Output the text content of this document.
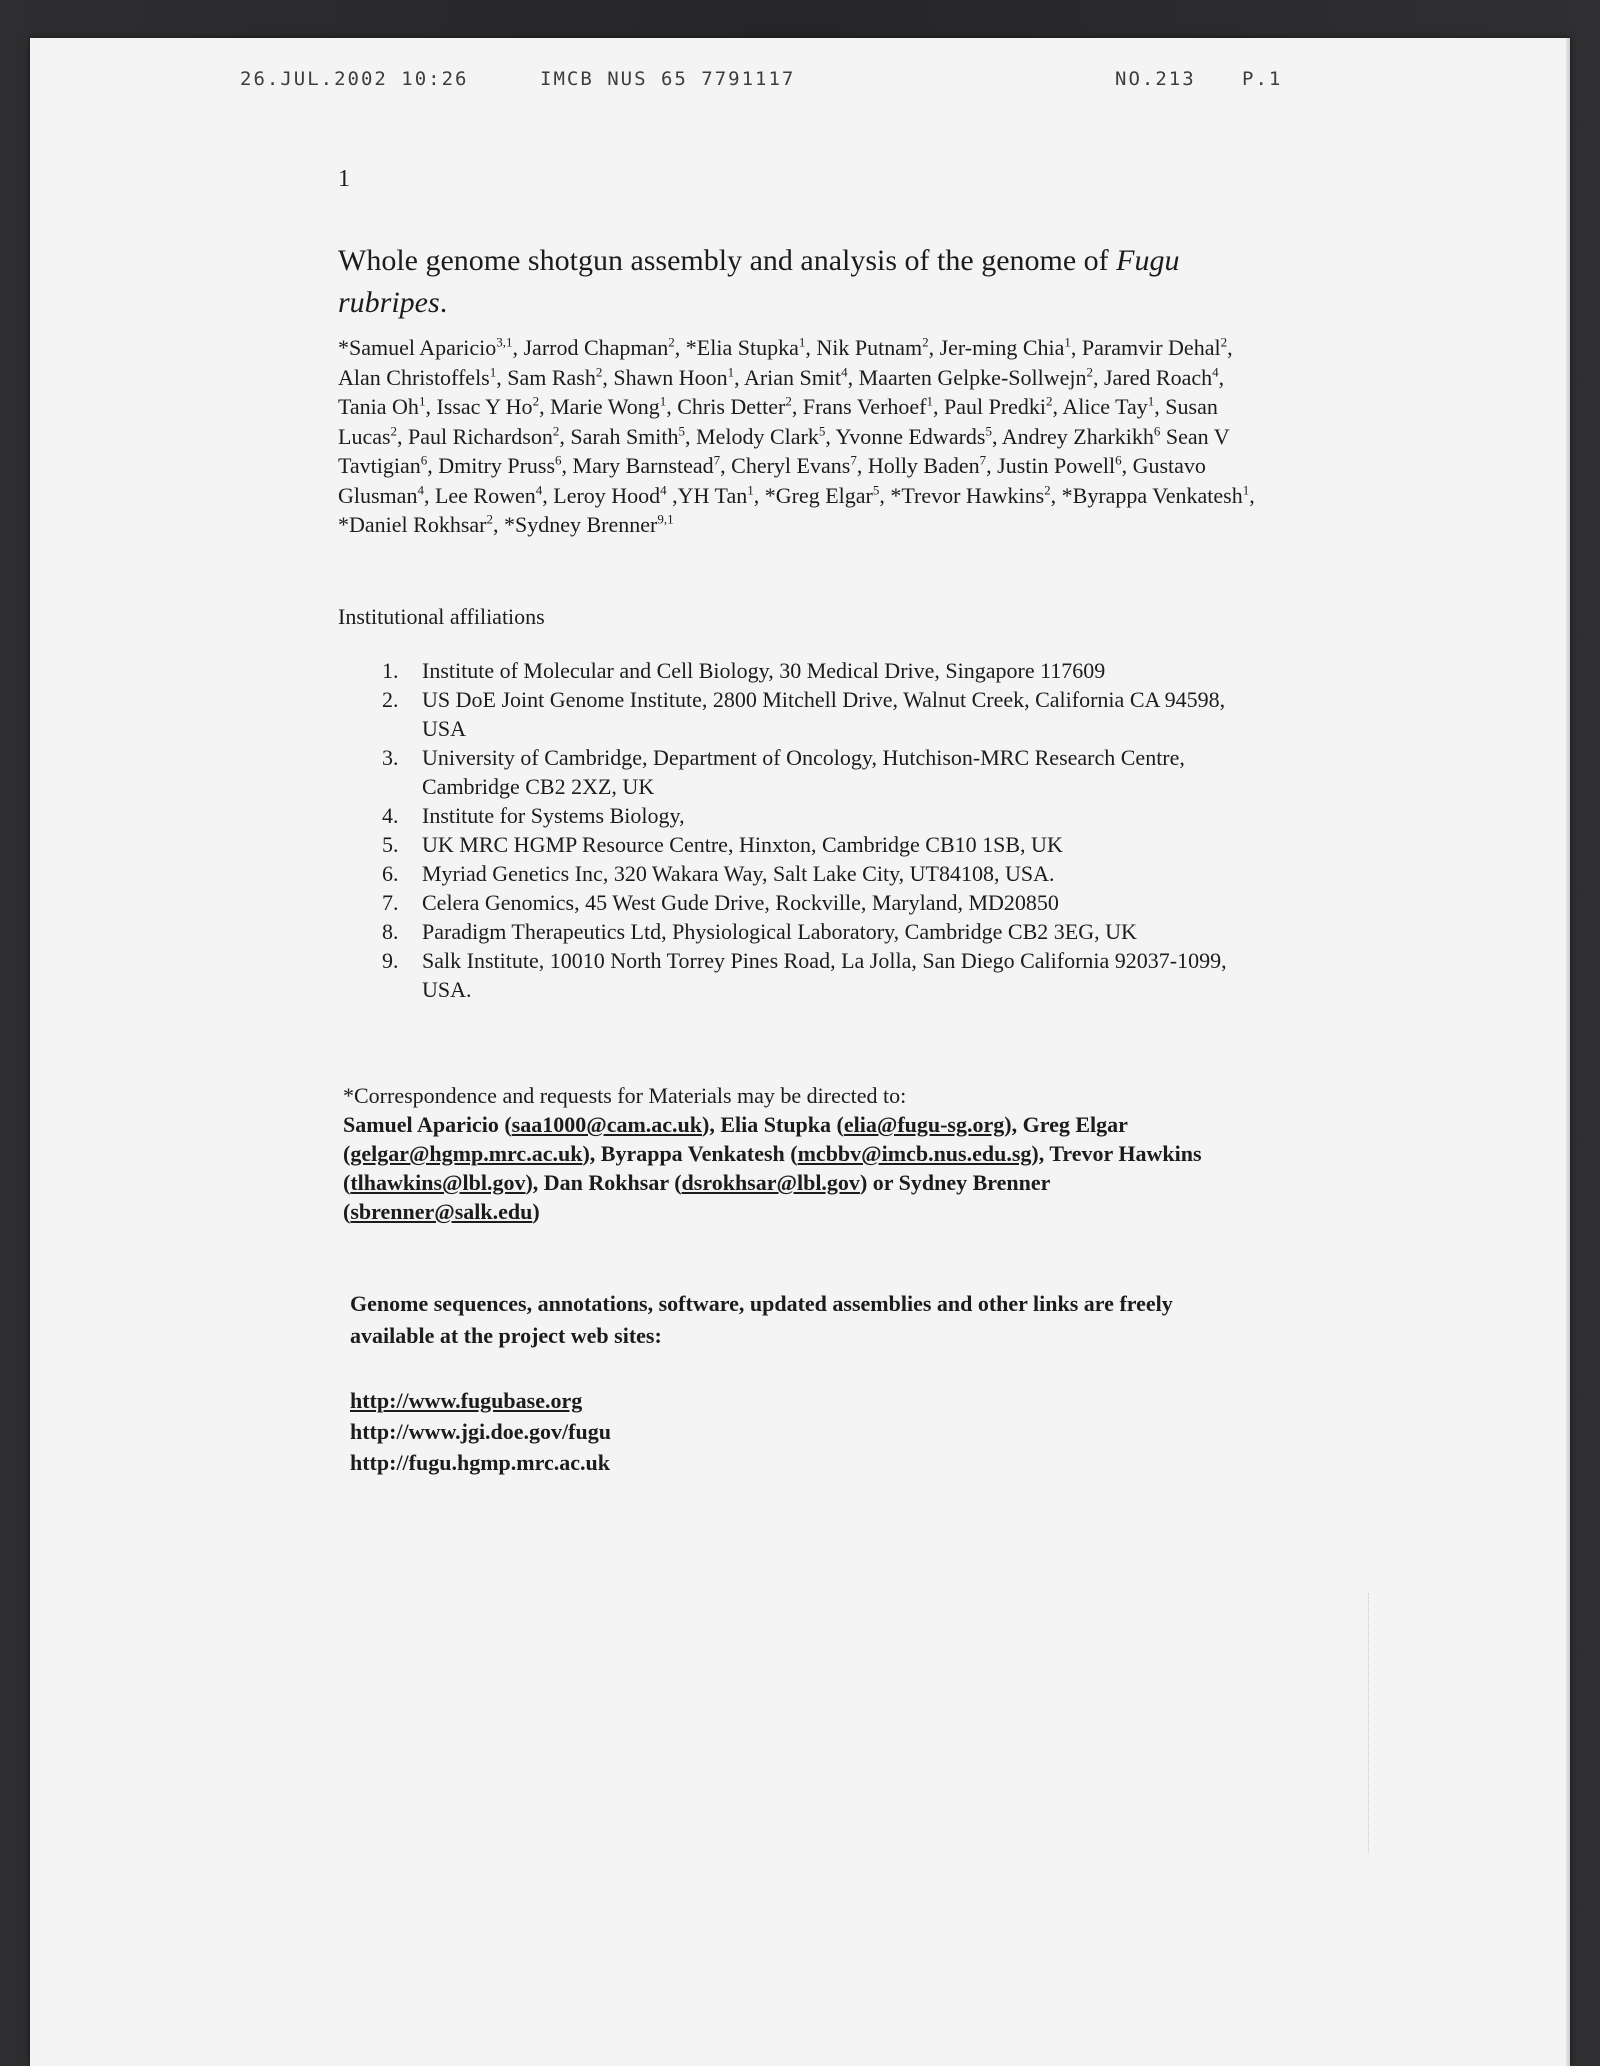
26.JUL.2002 10:26	IMCB NUS 65 7791117	NO.213 P.1
1
Whole genome shotgun assembly and analysis of the genome of Fugu rubripes.

*Samuel Aparicio$^{3,1}$, Jarrod Chapman$^2$, *Elia Stupka$^1$, Nik Putnam$^2$, Jer-ming Chia$^1$, Paramvir Dehal$^2$, Alan Christoffels$^1$, Sam Rash$^2$, Shawn Hoon$^1$, Arian Smit$^4$, Maarten Gelpke-Sollwejn$^2$, Jared Roach$^4$, Tania Oh$^1$, Issac Y Ho$^2$, Marie Wong$^1$, Chris Detter$^2$, Frans Verhoef$^1$, Paul Predki$^2$, Alice Tay$^1$, Susan Lucas$^2$, Paul Richardson$^2$, Sarah Smith$^5$, Melody Clark$^5$, Yvonne Edwards$^5$, Andrey Zharkikh$^6$ Sean V Tavtigian$^6$, Dmitry Pruss$^6$, Mary Barnstead$^7$, Cheryl Evans$^7$, Holly Baden$^7$, Justin Powell$^6$, Gustavo Glusman$^4$, Lee Rowen$^4$, Leroy Hood$^4$ ,YH Tan$^1$, *Greg Elgar$^5$, *Trevor Hawkins$^2$, *Byrappa Venkatesh$^1$, *Daniel Rokhsar$^2$, *Sydney Brenner$^{9,1}$

Institutional affiliations
1. Institute of Molecular and Cell Biology, 30 Medical Drive, Singapore 117609
2. US DoE Joint Genome Institute, 2800 Mitchell Drive, Walnut Creek, California CA 94598, USA
3. University of Cambridge, Department of Oncology, Hutchison-MRC Research Centre, Cambridge CB2 2XZ, UK
4. Institute for Systems Biology,
5. UK MRC HGMP Resource Centre, Hinxton, Cambridge CB10 1SB, UK
6. Myriad Genetics Inc, 320 Wakara Way, Salt Lake City, UT84108, USA.
7. Celera Genomics, 45 West Gude Drive, Rockville, Maryland, MD20850
8. Paradigm Therapeutics Ltd, Physiological Laboratory, Cambridge CB2 3EG, UK
9. Salk Institute, 10010 North Torrey Pines Road, La Jolla, San Diego California 92037-1099, USA.

*Correspondence and requests for Materials may be directed to:
Samuel Aparicio (saa1000@cam.ac.uk), Elia Stupka (elia@fugu-sg.org), Greg Elgar (gelgar@hgmp.mrc.ac.uk), Byrappa Venkatesh (mcbbv@imcb.nus.edu.sg), Trevor Hawkins (tlhawkins@lbl.gov), Dan Rokhsar (dsrokhsar@lbl.gov) or Sydney Brenner (sbrenner@salk.edu)

Genome sequences, annotations, software, updated assemblies and other links are freely available at the project web sites:

http://www.fugubase.org
http://www.jgi.doe.gov/fugu
http://fugu.hgmp.mrc.ac.uk
